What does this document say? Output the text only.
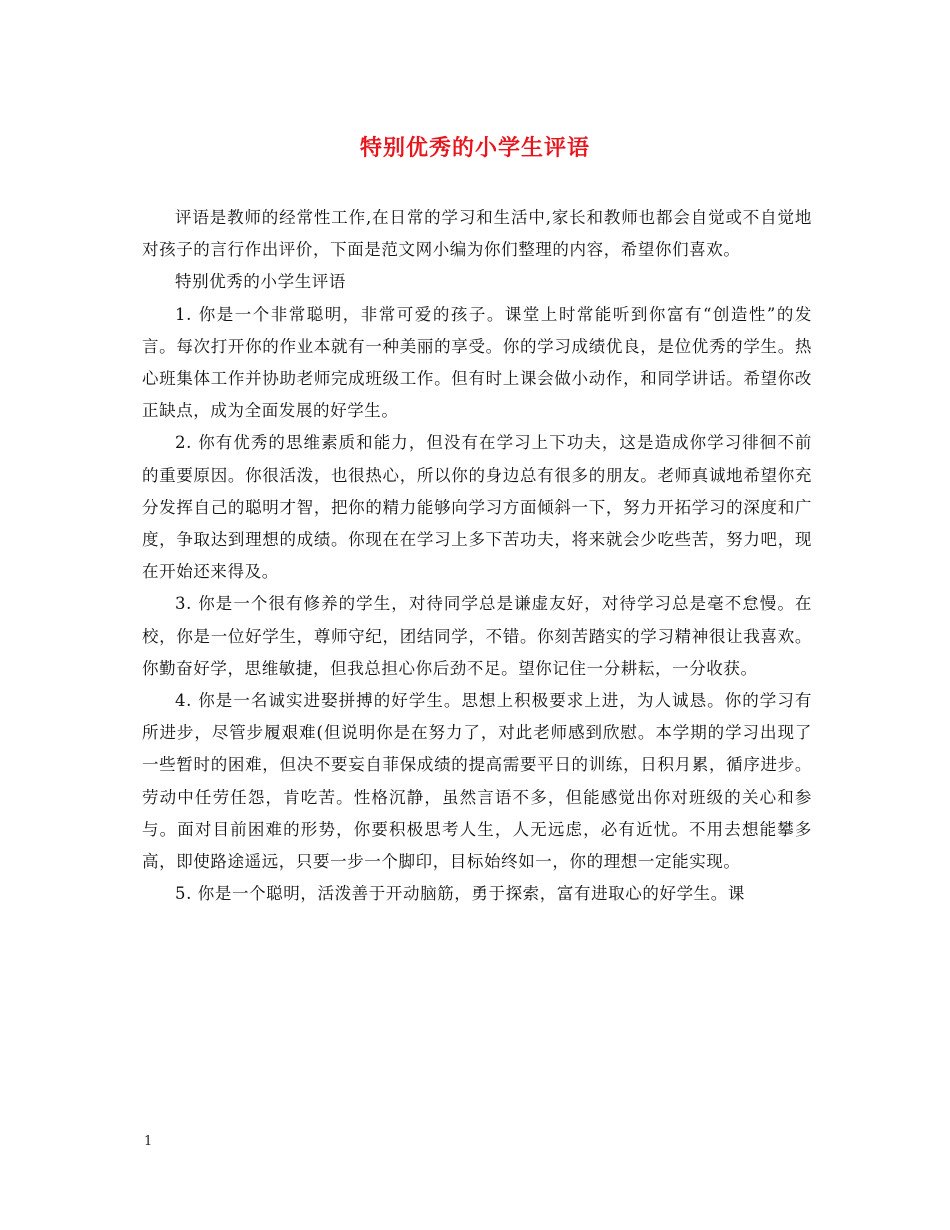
特别优秀的小学生评语

评语是教师的经常性工作,在日常的学习和生活中,家长和教师也都会自觉或不自觉地对孩子的言行作出评价，下面是范文网小编为你们整理的内容，希望你们喜欢。

特别优秀的小学生评语

1. 你是一个非常聪明，非常可爱的孩子。课堂上时常能听到你富有“创造性”的发言。每次打开你的作业本就有一种美丽的享受。你的学习成绩优良，是位优秀的学生。热心班集体工作并协助老师完成班级工作。但有时上课会做小动作，和同学讲话。希望你改正缺点，成为全面发展的好学生。

2. 你有优秀的思维素质和能力，但没有在学习上下功夫，这是造成你学习徘徊不前的重要原因。你很活泼，也很热心，所以你的身边总有很多的朋友。老师真诚地希望你充分发挥自己的聪明才智，把你的精力能够向学习方面倾斜一下，努力开拓学习的深度和广度，争取达到理想的成绩。你现在在学习上多下苦功夫，将来就会少吃些苦，努力吧，现在开始还来得及。

3. 你是一个很有修养的学生，对待同学总是谦虚友好，对待学习总是毫不怠慢。在校，你是一位好学生，尊师守纪，团结同学，不错。你刻苦踏实的学习精神很让我喜欢。你勤奋好学，思维敏捷，但我总担心你后劲不足。望你记住一分耕耘，一分收获。

4. 你是一名诚实进娶拼搏的好学生。思想上积极要求上进，为人诚恳。你的学习有所进步，尽管步履艰难(但说明你是在努力了，对此老师感到欣慰。本学期的学习出现了一些暂时的困难，但决不要妄自菲保成绩的提高需要平日的训练，日积月累，循序进步。劳动中任劳任怨，肯吃苦。性格沉静，虽然言语不多，但能感觉出你对班级的关心和参与。面对目前困难的形势，你要积极思考人生，人无远虑，必有近忧。不用去想能攀多高，即使路途遥远，只要一步一个脚印，目标始终如一，你的理想一定能实现。

5. 你是一个聪明，活泼善于开动脑筋，勇于探索，富有进取心的好学生。课

1
